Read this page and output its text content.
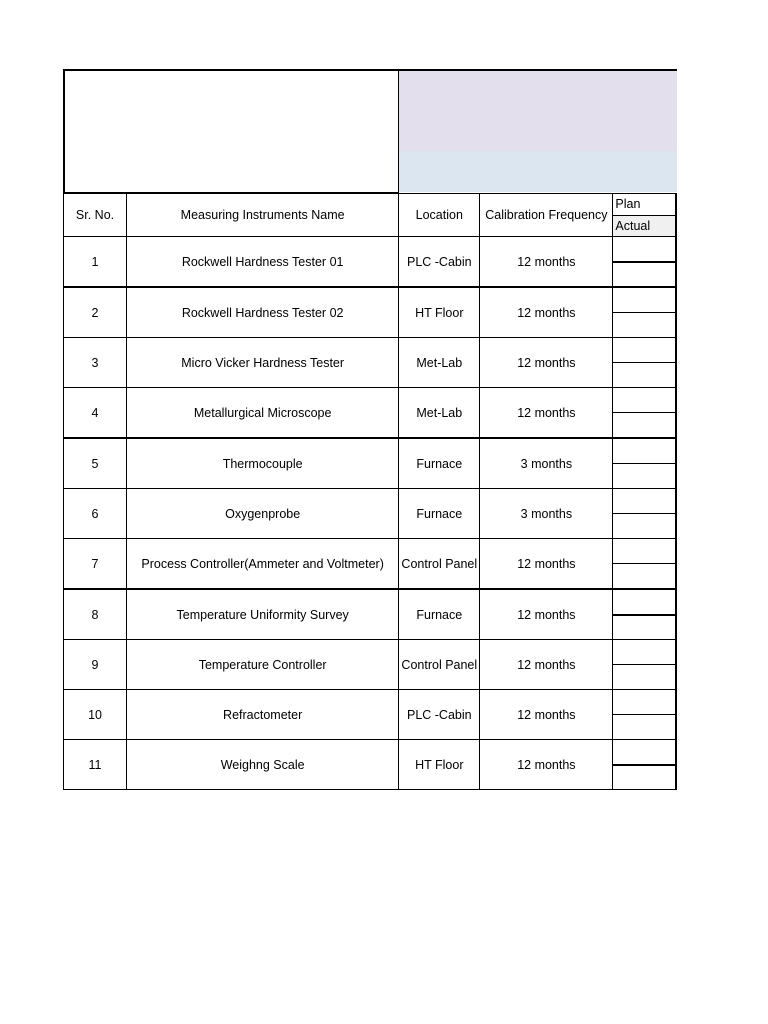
Sr. No.	Measuring Instruments Name	Location	Calibration Frequency	Plan
Actual

1	Rockwell Hardness Tester 01	PLC -Cabin	12 months	

2	Rockwell Hardness Tester 02	HT Floor	12 months	

3	Micro Vicker Hardness Tester	Met-Lab	12 months	

4	Metallurgical Microscope	Met-Lab	12 months	

5	Thermocouple	Furnace	3 months	

6	Oxygenprobe	Furnace	3 months	

7	Process Controller(Ammeter and Voltmeter)	Control Panel	12 months	

8	Temperature Uniformity Survey	Furnace	12 months	

9	Temperature Controller	Control Panel	12 months	

10	Refractometer	PLC -Cabin	12 months	

11	Weighng Scale	HT Floor	12 months	
